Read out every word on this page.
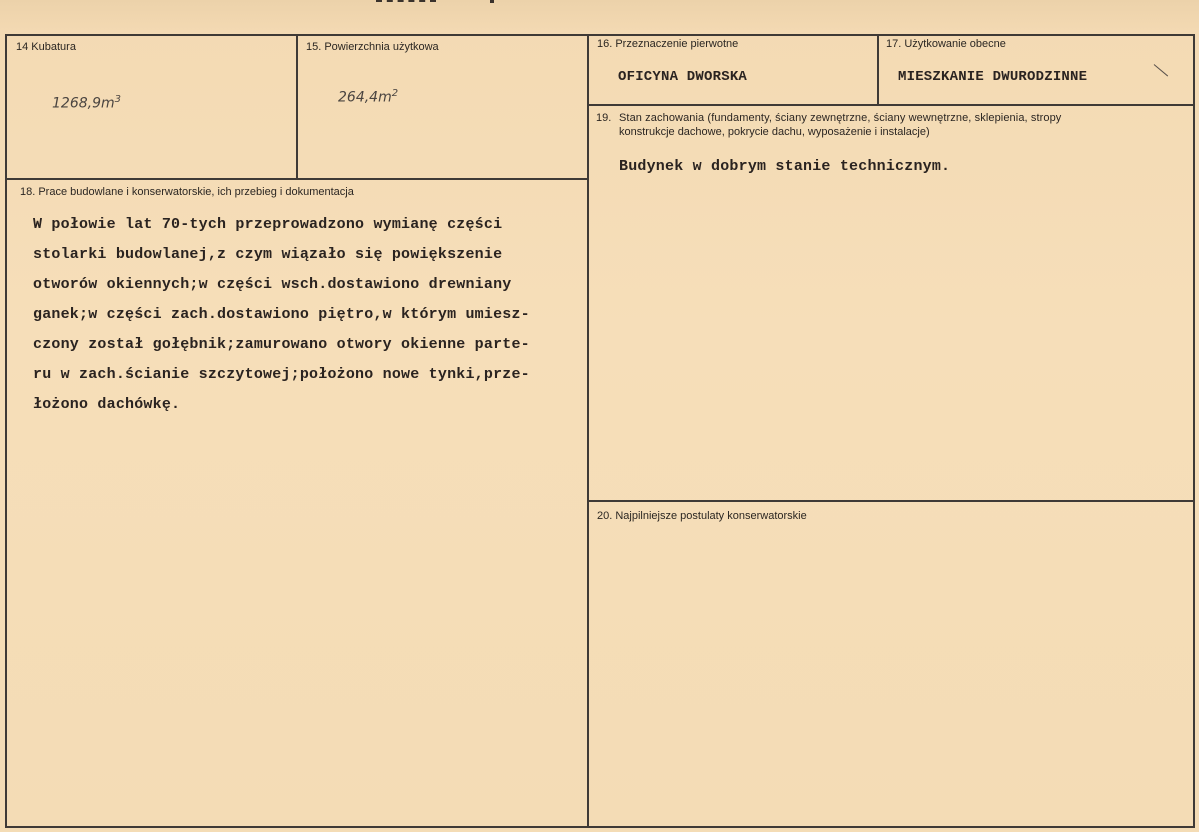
14 Kubatura
$1268,9m^3$
15. Powierzchnia użytkowa
$264,4m^2$
16. Przeznaczenie pierwotne
OFICYNA DWORSKA
17. Użytkowanie obecne
MIESZKANIE DWURODZINNE
18. Prace budowlane i konserwatorskie, ich przebieg i dokumentacja
W połowie lat 70-tych przeprowadzono wymianę części
stolarki budowlanej,z czym wiązało się powiększenie
otworów okiennych;w części wsch.dostawiono drewniany
ganek;w części zach.dostawiono piętro,w którym umiesz-
czony został gołębnik;zamurowano otwory okienne parte-
ru w zach.ścianie szczytowej;położono nowe tynki,prze-
łożono dachówkę.
19. Stan zachowania (fundamenty, ściany zewnętrzne, ściany wewnętrzne, sklepienia, stropy
konstrukcje dachowe, pokrycie dachu, wyposażenie i instalacje)
Budynek w dobrym stanie technicznym.
20. Najpilniejsze postulaty konserwatorskie
